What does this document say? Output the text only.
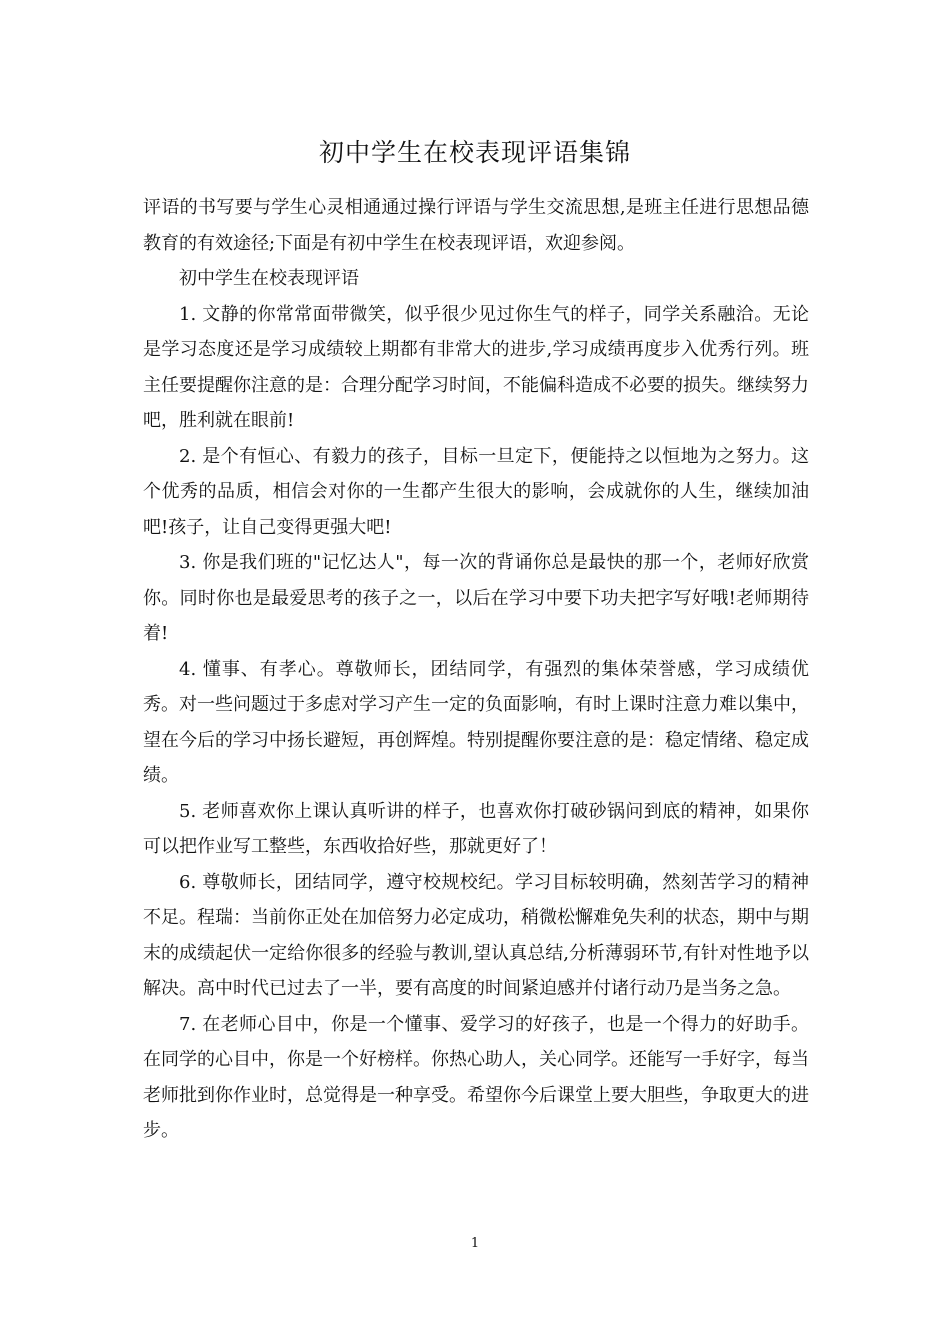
初中学生在校表现评语集锦

评语的书写要与学生心灵相通通过操行评语与学生交流思想,是班主任进行思想品德教育的有效途径;下面是有初中学生在校表现评语，欢迎参阅。

初中学生在校表现评语

1. 文静的你常常面带微笑，似乎很少见过你生气的样子，同学关系融洽。无论是学习态度还是学习成绩较上期都有非常大的进步,学习成绩再度步入优秀行列。班主任要提醒你注意的是：合理分配学习时间，不能偏科造成不必要的损失。继续努力吧，胜利就在眼前!

2. 是个有恒心、有毅力的孩子，目标一旦定下，便能持之以恒地为之努力。这个优秀的品质，相信会对你的一生都产生很大的影响，会成就你的人生，继续加油吧!孩子，让自己变得更强大吧!

3. 你是我们班的"记忆达人"，每一次的背诵你总是最快的那一个，老师好欣赏你。同时你也是最爱思考的孩子之一，以后在学习中要下功夫把字写好哦!老师期待着!

4. 懂事、有孝心。尊敬师长，团结同学，有强烈的集体荣誉感，学习成绩优秀。对一些问题过于多虑对学习产生一定的负面影响，有时上课时注意力难以集中，望在今后的学习中扬长避短，再创辉煌。特别提醒你要注意的是：稳定情绪、稳定成绩。

5. 老师喜欢你上课认真听讲的样子，也喜欢你打破砂锅问到底的精神，如果你可以把作业写工整些，东西收拾好些，那就更好了！

6. 尊敬师长，团结同学，遵守校规校纪。学习目标较明确，然刻苦学习的精神不足。程瑞：当前你正处在加倍努力必定成功，稍微松懈难免失利的状态，期中与期末的成绩起伏一定给你很多的经验与教训,望认真总结,分析薄弱环节,有针对性地予以解决。高中时代已过去了一半，要有高度的时间紧迫感并付诸行动乃是当务之急。

7. 在老师心目中，你是一个懂事、爱学习的好孩子，也是一个得力的好助手。在同学的心目中，你是一个好榜样。你热心助人，关心同学。还能写一手好字，每当老师批到你作业时，总觉得是一种享受。希望你今后课堂上要大胆些，争取更大的进步。

1
